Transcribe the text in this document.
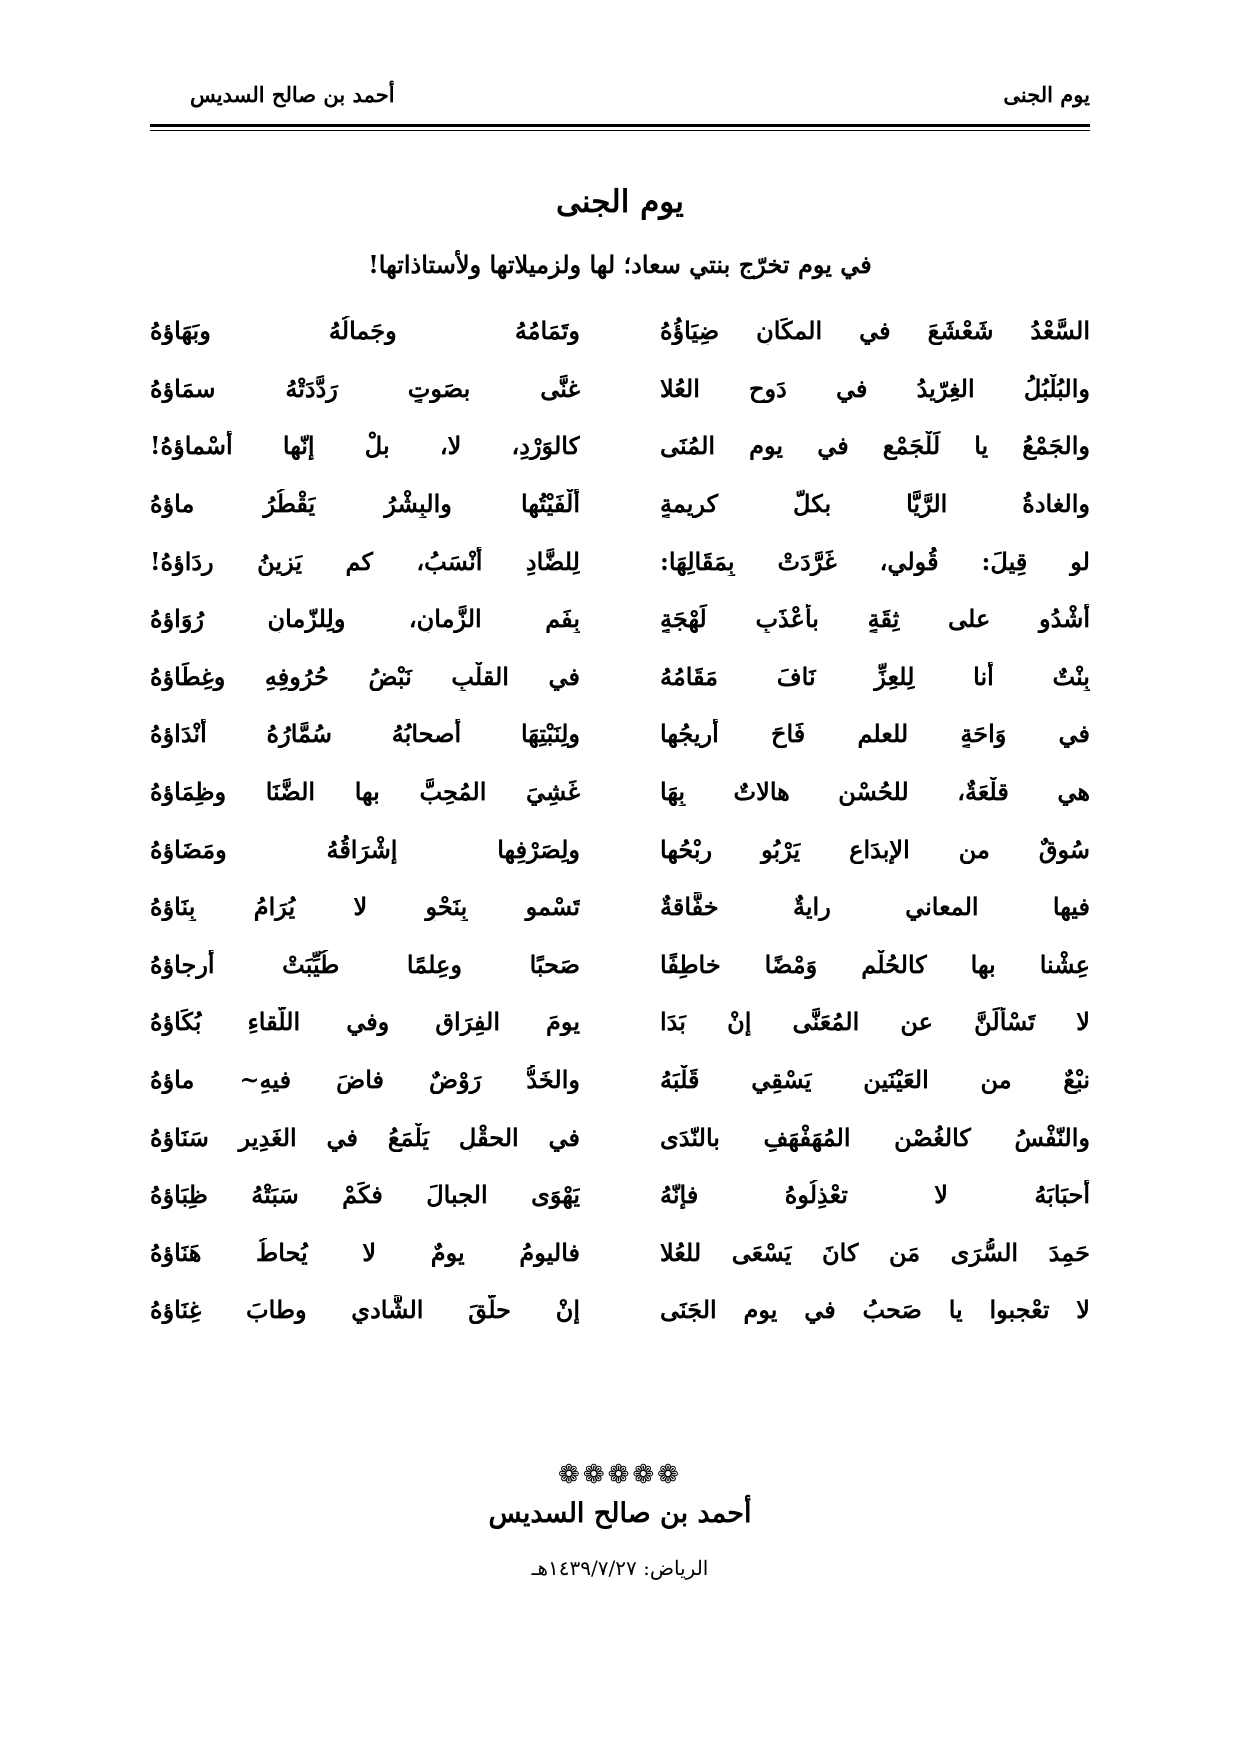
يوم الجنى
أحمد بن صالح السديس
يوم الجنى
في يوم تخرّج بنتي سعاد؛ لها ولزميلاتها ولأستاذاتها!
السَّعْدُ شَعْشَعَ في المكَانِ ضِيَاؤُهُ
وتَمَامُهُ وجَمالُهُ وبَهَاؤهُ
والبُلْبُلُ الغِرّيدُ في دَوحِ العُلا
غنَّى بصَوتٍ رَدَّدَتْهُ سمَاؤهُ
والجَمْعُ يا لَلْجَمْعِ في يومِ المُنَى
كالوَرْدِ، لا، بلْ إنّها أسْماؤهُ!
والغادةُ الرَّيَّا بكلّ كريمةٍ
ألْفَيْتُها والبِشْرُ يَقْطُرُ ماؤهُ
لو قِيلَ: قُولي، غَرَّدَتْ بِمَقَالِهَا:
لِلضَّادِ أُنْسَبُ، كم يَزِينُ رِدَاؤهُ!
أَشْدُو على ثِقَةٍ بأعْذَبِ لَهْجَةٍ
بِفَمِ الزَّمانِ، ولِلزّمانِ رُوَاؤهُ
بِنْتٌ أنا لِلعِزِّ نَافَ مَقَامُهُ
في القلْبِ نَبْضُ حُرُوفِهِ وغِطَاؤهُ
في وَاحَةٍ للعلمِ فَاحَ أريجُها
ولِنَبْتِهَا أصحابُهُ سُمَّارُهُ أنْدَاؤهُ
هي قلْعَةٌ، للحُسْنِ هالاتٌ بِهَا
غَشِيَ المُحِبَّ بها الضَّنَا وظِمَاؤهُ
سُوقٌ من الإبدَاعِ يَرْبُو رِبْحُها
ولِصَرْفِها إشْرَاقُهُ ومَضَاؤهُ
فيها المعاني رايةٌ خفَّاقةٌ
تَسْمو بِنَحْوٍ لا يُرَامُ بِنَاؤهُ
عِشْنا بها كالحُلْمِ وَمْضًا خاطِفًا
صَحبًا وعِلمًا طُيِّبَتْ أرجاؤهُ
لا تَسْأَلَنَّ عنِ المُعَنَّى إنْ بَدَا
يومَ الفِرَاقِ وفي اللّقاءِ بُكَاؤهُ
نبْعٌ من العَيْنَينِ يَسْقِي قَلْبَهُ
والخَدُّ رَوْضٌ فاضَ فيهِ~ ماؤهُ
والنّفْسُ كالغُصْنِ المُهَفْهَفِ بالنّدَى
في الحقْلِ يَلْمَعُ في الغَدِيرِ سَنَاؤهُ
أحبَابَهُ لا تعْذِلُوهُ فإنّهُ
يَهْوَى الجبالَ فكَمْ سَبَتْهُ ظِبَاؤهُ
حَمِدَ السُّرَى مَن كانَ يَسْعَى للعُلا
فاليومُ يومٌ لا يُحاطُ هَنَاؤهُ
لا تعْجبوا يا صَحبُ في يومِ الجَنَى
إنْ حلَّقَ الشَّادي وطابَ غِنَاؤهُ
❁❁❁❁❁
أحمد بن صالح السديس
الرياض: ١٤٣٩/٧/٢٧هـ
